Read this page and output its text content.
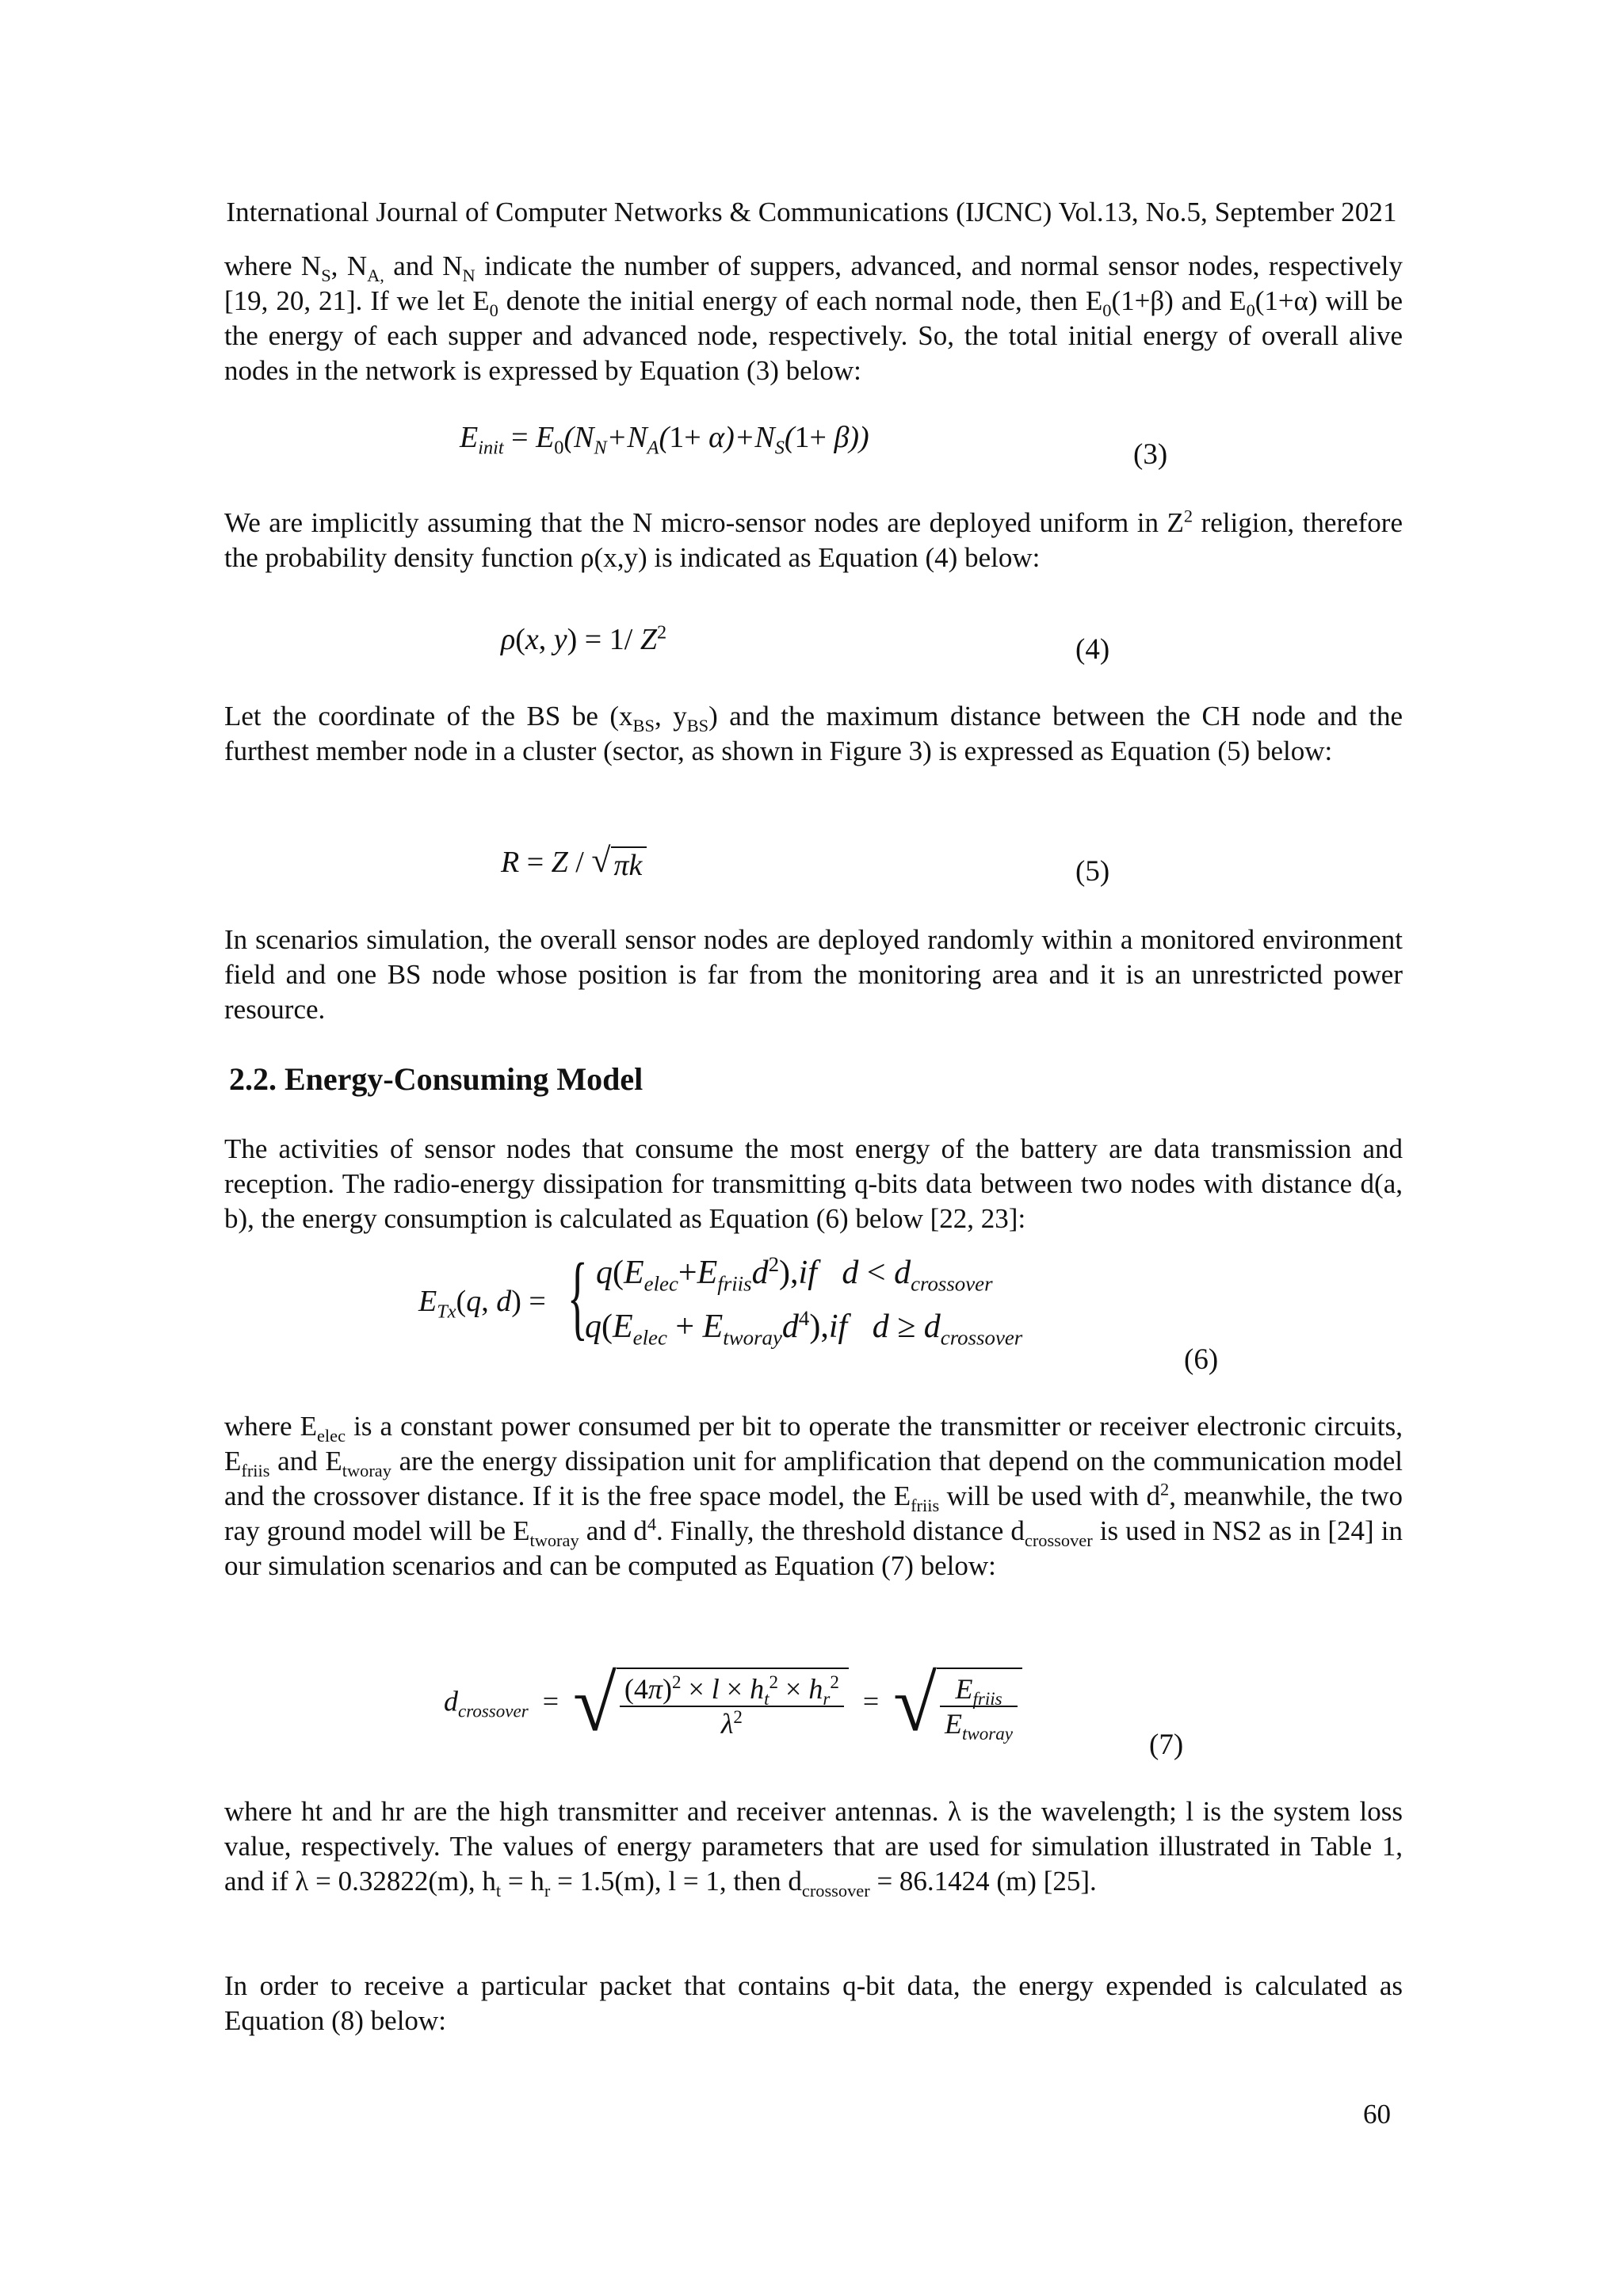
International Journal of Computer Networks & Communications (IJCNC) Vol.13, No.5, September 2021

where $N_S$, $N_{A,}$ and $N_N$ indicate the number of suppers, advanced, and normal sensor nodes, respectively [19, 20, 21]. If we let $E_0$ denote the initial energy of each normal node, then $E_0(1+\beta)$ and $E_0(1+\alpha)$ will be the energy of each supper and advanced node, respectively. So, the total initial energy of overall alive nodes in the network is expressed by Equation (3) below:

$E_{init} = E_0(N_N+N_A(1+ \alpha)+N_S(1+ \beta))$
(3)

We are implicitly assuming that the N micro-sensor nodes are deployed uniform in $Z^2$ religion, therefore the probability density function ρ(x,y) is indicated as Equation (4) below:

ρ(x, y) = 1/ $Z^2$
(4)

Let the coordinate of the BS be ($x_{BS}$, $y_{BS}$) and the maximum distance between the CH node and the furthest member node in a cluster (sector, as shown in Figure 3) is expressed as Equation (5) below:

R = Z / √ πk	(5)

In scenarios simulation, the overall sensor nodes are deployed randomly within a monitored environment field and one BS node whose position is far from the monitoring area and it is an unrestricted power resource.

2.2. Energy-Consuming Model

The activities of sensor nodes that consume the most energy of the battery are data transmission and reception. The radio-energy dissipation for transmitting q-bits data between two nodes with distance d(a, b), the energy consumption is calculated as Equation (6) below [22, 23]:

$E_{Tx}(q$, d) = { $q(E_{elec}+E_{friis}d^2),if$   $d < d_{crossover}$
$q(E_{elec} + E_{tworay}d^4),if$   $d \ge d_{crossover}$
(6)

where $E_{elec}$ is a constant power consumed per bit to operate the transmitter or receiver electronic circuits, $E_{friis}$ and $E_{tworay}$ are the energy dissipation unit for amplification that depend on the communication model and the crossover distance. If it is the free space model, the $E_{friis}$ will be used with $d^2$, meanwhile, the two ray ground model will be $E_{tworay}$ and $d^4$. Finally, the threshold distance $d_{crossover}$ is used in NS2 as in [24] in our simulation scenarios and can be computed as Equation (7) below:

$d_{crossover}$  =  √ $\frac{(4\pi)^2 \times l \times h_t^2 \times h_r^2}{\lambda^2}$ =  √ $\frac{E_{friis}}{E_{tworay}}$
(7)

where ht and hr are the high transmitter and receiver antennas. λ is the wavelength; l is the system loss value, respectively. The values of energy parameters that are used for simulation illustrated in Table 1, and if λ = 0.32822(m), $h_t = h_r = 1.5(m)$, l = 1, then $d_{crossover} = 86.1424$ (m) [25].

In order to receive a particular packet that contains q-bit data, the energy expended is calculated as Equation (8) below:

60
